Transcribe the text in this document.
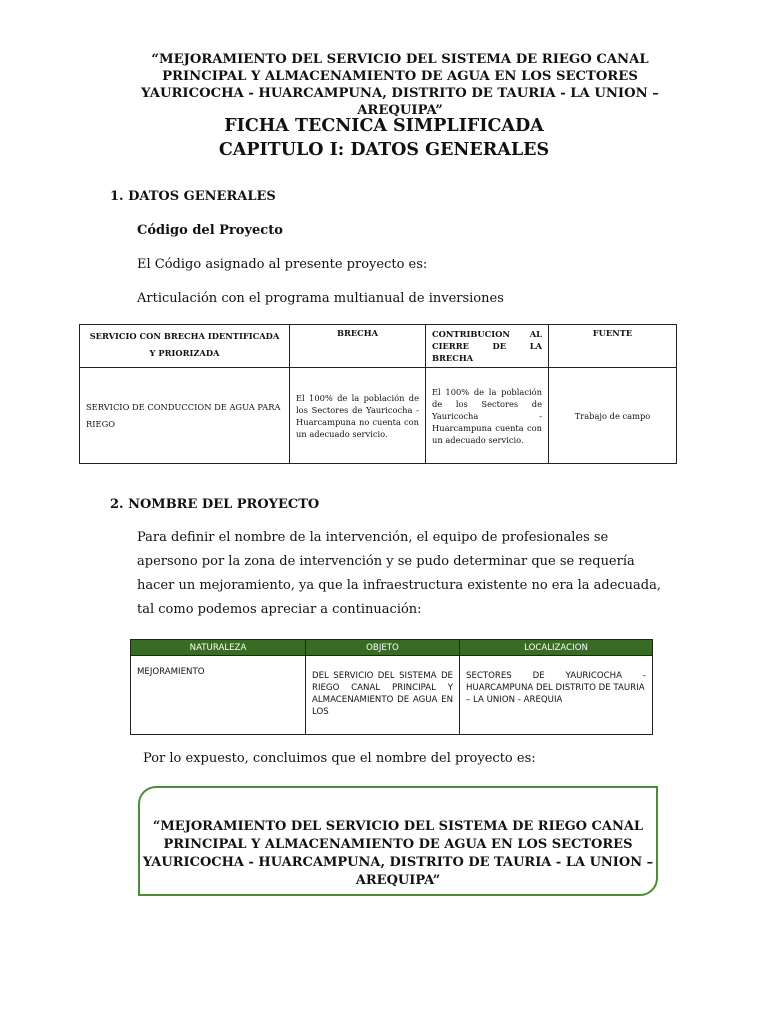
“MEJORAMIENTO DEL SERVICIO DEL SISTEMA DE RIEGO CANAL PRINCIPAL Y ALMACENAMIENTO DE AGUA EN LOS SECTORES YAURICOCHA - HUARCAMPUNA, DISTRITO DE TAURIA - LA UNION – AREQUIPA”
FICHA TECNICA SIMPLIFICADA
CAPITULO I: DATOS GENERALES
1. DATOS GENERALES
Código del Proyecto
El Código asignado al presente proyecto es:
Articulación con el programa multianual de inversiones
SERVICIO CON BRECHA IDENTIFICADA Y PRIORIZADA	BRECHA	CONTRIBUCION AL CIERRE DE LA BRECHA	FUENTE
SERVICIO DE CONDUCCION DE AGUA PARA RIEGO	El 100% de la población de los Sectores de Yauricocha - Huarcampuna no cuenta con un adecuado servicio.	El 100% de la población de los Sectores de Yauricocha - Huarcampuna cuenta con un adecuado servicio.	Trabajo de campo
2. NOMBRE DEL PROYECTO
Para definir el nombre de la intervención, el equipo de profesionales se apersono por la zona de intervención y se pudo determinar que se requería hacer un mejoramiento, ya que la infraestructura existente no era la adecuada, tal como podemos apreciar a continuación:
NATURALEZA	OBJETO	LOCALIZACION
MEJORAMIENTO	DEL SERVICIO DEL SISTEMA DE RIEGO CANAL PRINCIPAL Y ALMACENAMIENTO DE AGUA EN LOS	SECTORES DE YAURICOCHA - HUARCAMPUNA DEL DISTRITO DE TAURIA
– LA UNION - AREQUIA
Por lo expuesto, concluimos que el nombre del proyecto es:
“MEJORAMIENTO DEL SERVICIO DEL SISTEMA DE RIEGO CANAL PRINCIPAL Y ALMACENAMIENTO DE AGUA EN LOS SECTORES YAURICOCHA - HUARCAMPUNA, DISTRITO DE TAURIA - LA UNION – AREQUIPA”
